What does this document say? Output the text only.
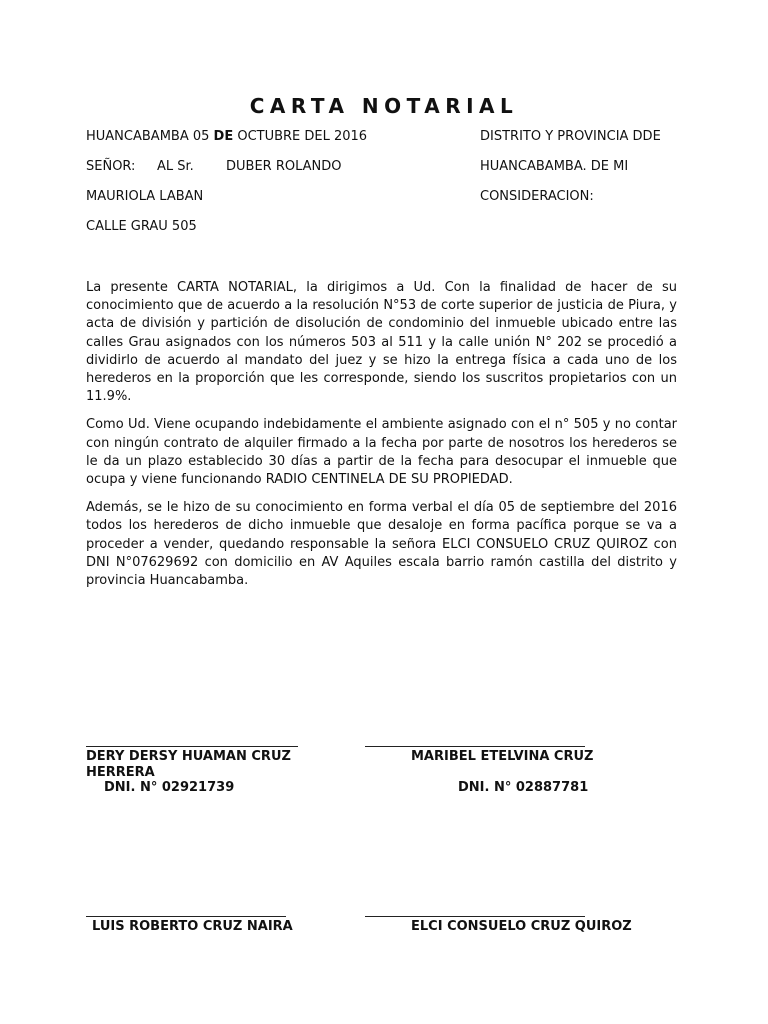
CARTA NOTARIAL
HUANCABAMBA 05 DE OCTUBRE DEL 2016
SEÑOR: AL Sr. DUBER ROLANDO
MAURIOLA LABAN
CALLE GRAU 505
DISTRITO Y PROVINCIA DDE
HUANCABAMBA. DE MI
CONSIDERACION:

La presente CARTA NOTARIAL, la dirigimos a Ud. Con la finalidad de hacer de su conocimiento que de acuerdo a la resolución N°53 de corte superior de justicia de Piura, y acta de división y partición de disolución de condominio del inmueble ubicado entre las calles Grau asignados con los números 503 al 511 y la calle unión N° 202 se procedió a dividirlo de acuerdo al mandato del juez y se hizo la entrega física a cada uno de los herederos en la proporción que les corresponde, siendo los suscritos propietarios con un 11.9%.

Como Ud. Viene ocupando indebidamente el ambiente asignado con el n° 505 y no contar con ningún contrato de alquiler firmado a la fecha por parte de nosotros los herederos se le da un plazo establecido 30 días a partir de la fecha para desocupar el inmueble que ocupa y viene funcionando RADIO CENTINELA DE SU PROPIEDAD.

Además, se le hizo de su conocimiento en forma verbal el día 05 de septiembre del 2016 todos los herederos de dicho inmueble que desaloje en forma pacífica porque se va a proceder a vender, quedando responsable la señora ELCI CONSUELO CRUZ QUIROZ con DNI N°07629692 con domicilio en AV Aquiles escala barrio ramón castilla del distrito y provincia Huancabamba.

DERY DERSY HUAMAN CRUZ
HERRERA
DNI. N° 02921739
MARIBEL ETELVINA CRUZ
DNI. N° 02887781
LUIS ROBERTO CRUZ NAIRA	ELCI CONSUELO CRUZ QUIROZ
